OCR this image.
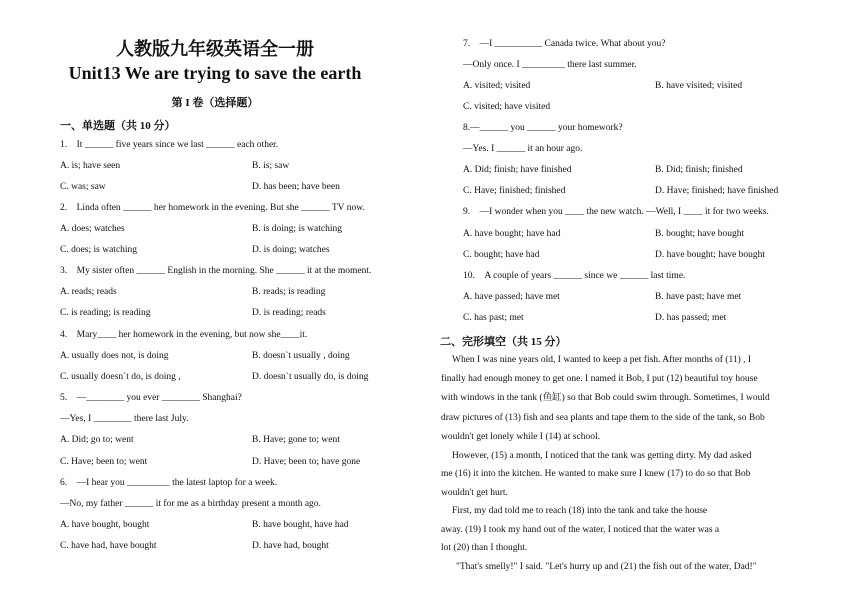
人教版九年级英语全一册
Unit13 We are trying to save the earth
第 I 卷（选择题）
一、单选题（共 10 分）
1. It ______ five years since we last ______ each other.
A. is; have seen	B. is; saw
C. was; saw	D. has been; have been
2. Linda often ______ her homework in the evening. But she ______ TV now.
A. does; watches	B. is doing; is watching
C. does; is watching	D. is doing; watches
3. My sister often ______ English in the morning. She ______ it at the moment.
A. reads; reads	B. reads; is reading
C. is reading; is reading	D. is reading; reads
4. Mary____ her homework in the evening, but now she____it.
A. usually does not, is doing	B. doesn`t usually , doing
C. usually doesn`t do, is doing ,	D. doesn`t usually do, is doing
5. —________ you ever ________ Shanghai?
—Yes, I ________ there last July.
A. Did; go to; went	B. Have; gone to; went
C. Have; been to; went	D. Have; been to; have gone
6. —I hear you _________ the latest laptop for a week.
—No, my father ______ it for me as a birthday present a month ago.
A. have bought, bought	B. have bought, have had
C. have had, have bought	D. have had, bought
7. —I __________ Canada twice. What about you?
—Only once. I _________ there last summer.
A. visited; visited	B. have visited; visited
C. visited; have visited
8.—______ you ______ your homework?
—Yes. I ______ it an hour ago.
A. Did; finish; have finished	B. Did; finish; finished
C. Have; finished; finished	D. Have; finished; have finished
9. —I wonder when you ____ the new watch. —Well, I ____ it for two weeks.
A. have bought; have had	B. bought; have bought
C. bought; have had	D. have bought; have bought
10. A couple of years ______ since we ______ last time.
A. have passed; have met	B. have past; have met
C. has past; met	D. has passed; met
二、完形填空（共 15 分）
When I was nine years old, I wanted to keep a pet fish. After months of (11) , I
finally had enough money to get one. I named it Bob, I put (12) beautiful toy house
with windows in the tank (鱼缸) so that Bob could swim through. Sometimes, I would
draw pictures of (13) fish and sea plants and tape them to the side of the tank, so Bob
wouldn't get lonely while I (14) at school.
However, (15) a month, I noticed that the tank was getting dirty. My dad asked
me (16) it into the kitchen. He wanted to make sure I knew (17) to do so that Bob
wouldn't get hurt.
First, my dad told me to reach (18) into the tank and take the house
away. (19) I took my hand out of the water, I noticed that the water was a
lot (20) than I thought.
"That's smelly!" I said. "Let's hurry up and (21) the fish out of the water, Dad!"
